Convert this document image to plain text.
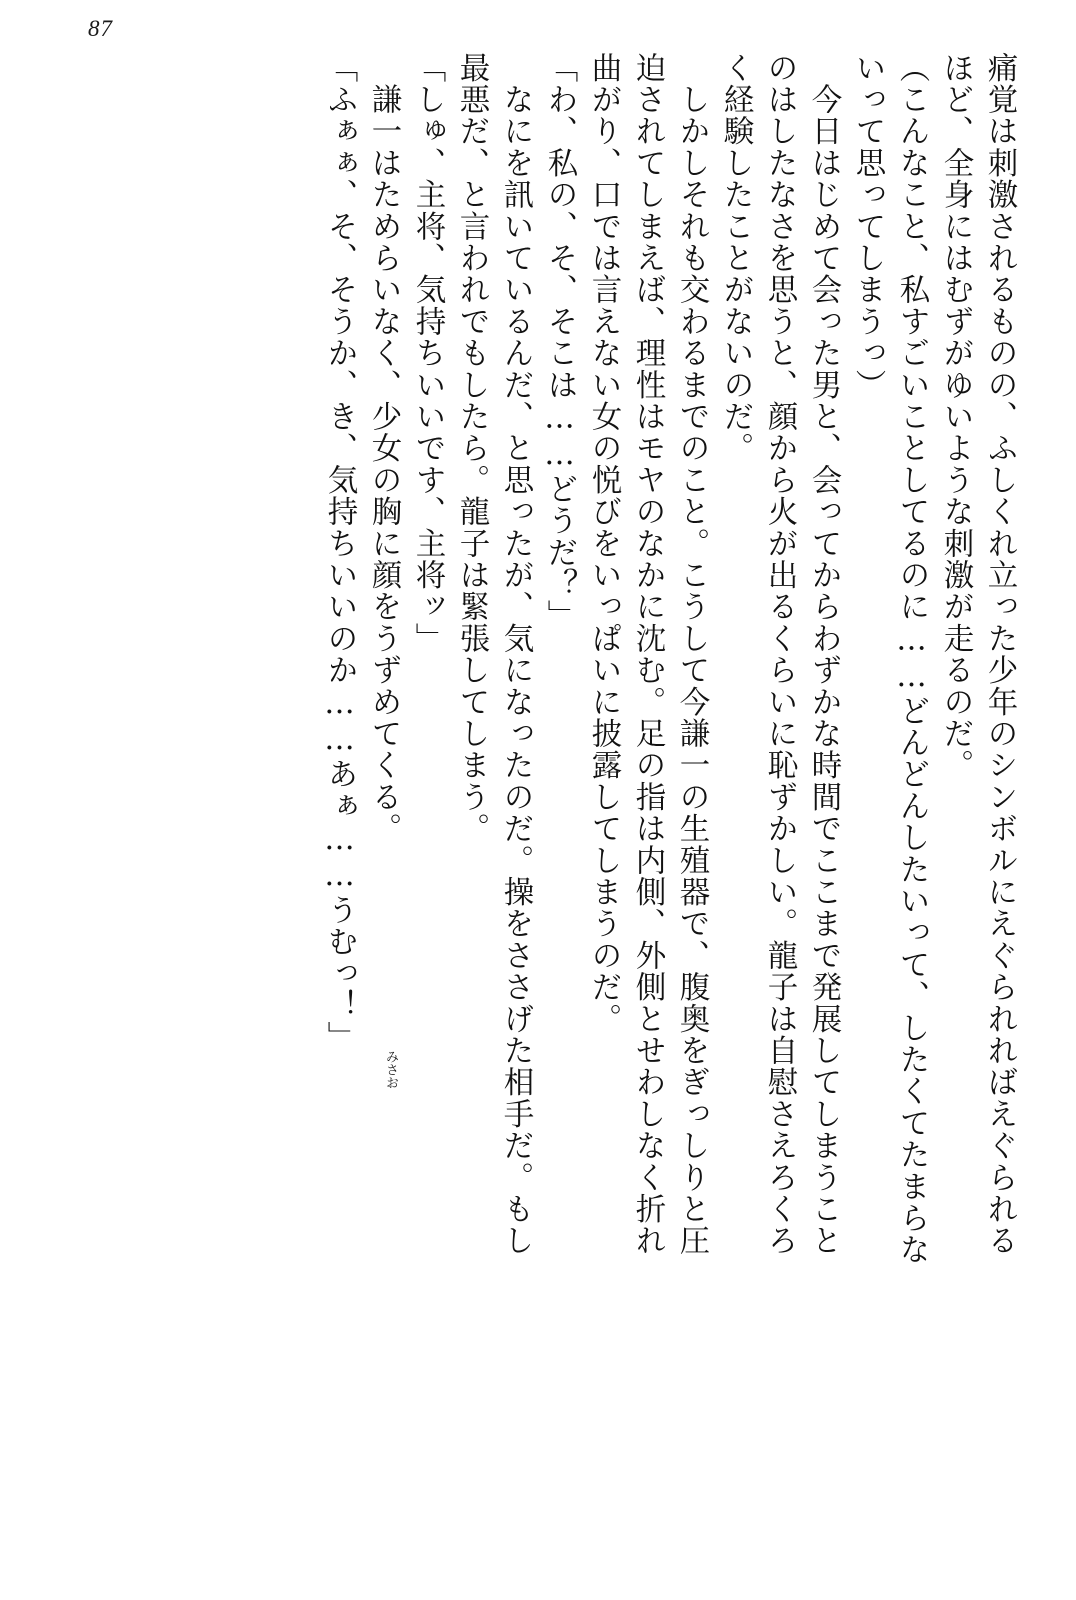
87
痛覚は刺激されるものの、ふしくれ立った少年のシンボルにえぐられればえぐられる
ほど、全身にはむずがゆいような刺激が走るのだ。
（こんなこと、私すごいことしてるのに……どんどんしたいって、したくてたまらな
いって思ってしまうっ）
　今日はじめて会った男と、会ってからわずかな時間でここまで発展してしまうこと
のはしたなさを思うと、顔から火が出るくらいに恥ずかしい。龍子は自慰さえろくろ
く経験したことがないのだ。
　しかしそれも交わるまでのこと。こうして今謙一の生殖器で、腹奥をぎっしりと圧
迫されてしまえば、理性はモヤのなかに沈む。足の指は内側、外側とせわしなく折れ
曲がり、口では言えない女の悦びをいっぱいに披露してしまうのだ。
「わ、私の、そ、そこは……どうだ？」
　なにを訊いているんだ、と思ったが、気になったのだ。操をささげた相手だ。もし
最悪だ、と言われでもしたら。龍子は緊張してしまう。
「しゅ、主将、気持ちいいです、主将ッ」
　謙一はためらいなく、少女の胸に顔をうずめてくる。
「ふぁぁ、そ、そうか、き、気持ちいいのか……あぁ……うむっ！」
みさお
